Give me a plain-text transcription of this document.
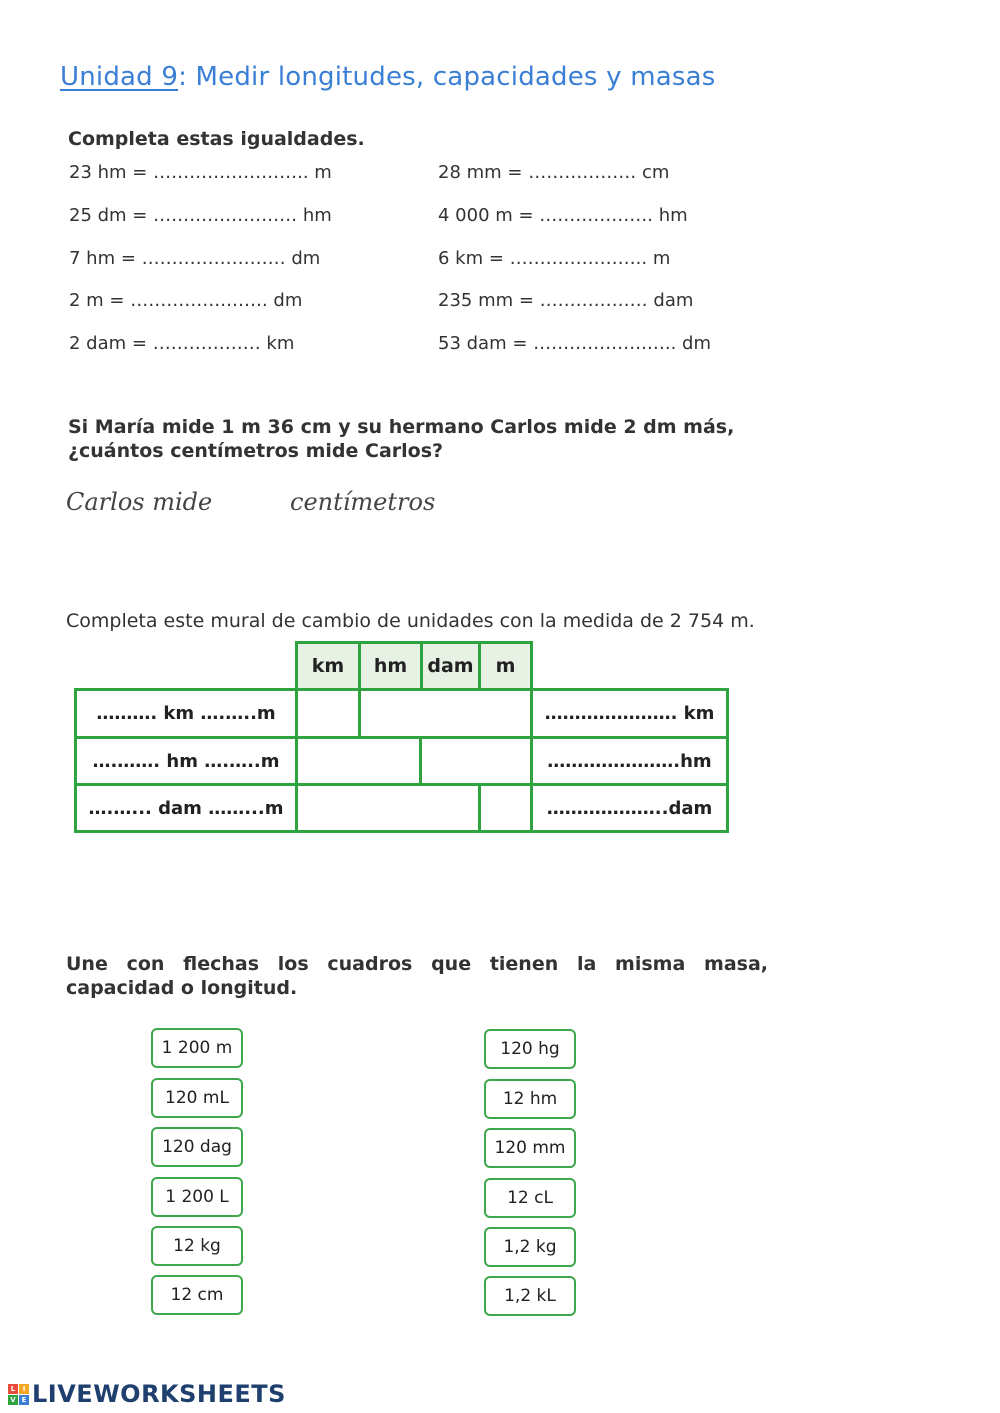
Unidad 9: Medir longitudes, capacidades y masas
Completa estas igualdades.
23 hm = …………………….. m
25 dm = …………………… hm
7 hm = …………………… dm
2 m = …………….……. dm
2 dam = ……………… km
28 mm = ……………… cm
4 000 m = ………………. hm
6 km = ………………….. m
235 mm = ……………… dam
53 dam = ……………….….. dm
Si María mide 1 m 36 cm y su hermano Carlos mide 2 dm más, ¿cuántos centímetros mide Carlos?
Carlos mide	centímetros
Completa este mural de cambio de unidades con la medida de 2 754 m.
km	hm	dam	m
………. km ….…..m	…………………. km
….……. hm ….…..m	………………….hm
….…... dam ……...m	………………..dam
Une con flechas los cuadros que tienen la misma masa, capacidad o longitud.
1 200 m
120 mL
120 dag
1 200 L
12 kg
12 cm
120 hg
12 hm
120 mm
12 cL
1,2 kg
1,2 kL
L	I
V E LIVEWORKSHEETS
